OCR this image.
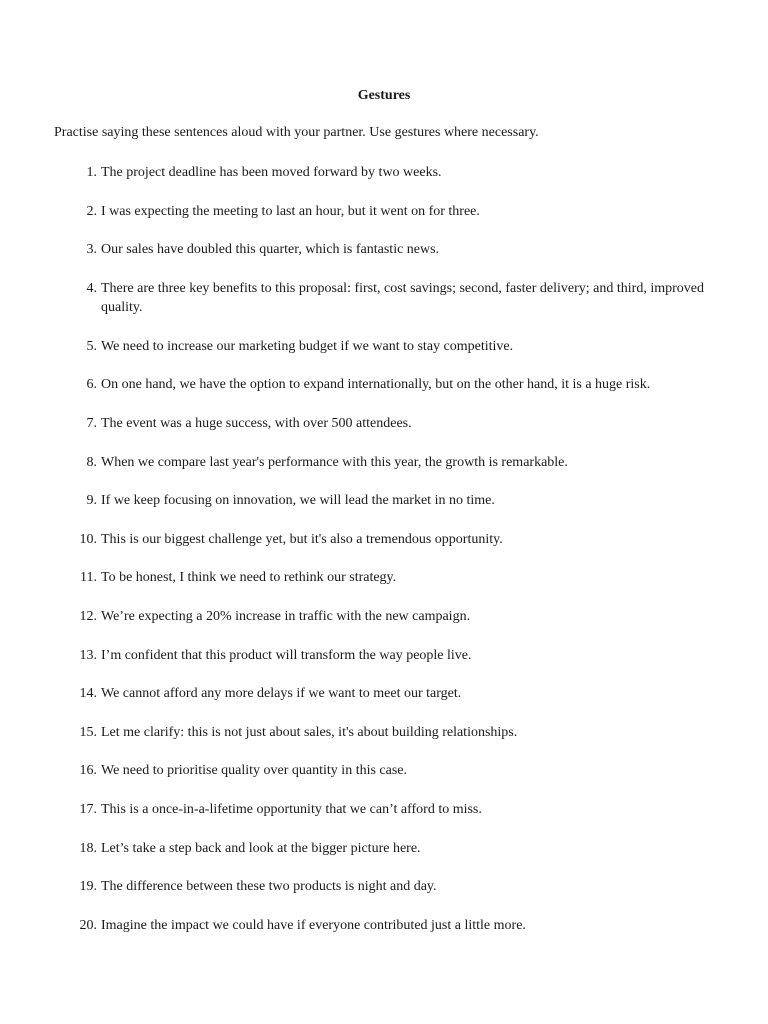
Gestures
Practise saying these sentences aloud with your partner. Use gestures where necessary.
1. The project deadline has been moved forward by two weeks.
2. I was expecting the meeting to last an hour, but it went on for three.
3. Our sales have doubled this quarter, which is fantastic news.
4. There are three key benefits to this proposal: first, cost savings; second, faster delivery; and third, improved quality.
5. We need to increase our marketing budget if we want to stay competitive.
6. On one hand, we have the option to expand internationally, but on the other hand, it is a huge risk.
7. The event was a huge success, with over 500 attendees.
8. When we compare last year's performance with this year, the growth is remarkable.
9. If we keep focusing on innovation, we will lead the market in no time.
10. This is our biggest challenge yet, but it's also a tremendous opportunity.
11. To be honest, I think we need to rethink our strategy.
12. We’re expecting a 20% increase in traffic with the new campaign.
13. I’m confident that this product will transform the way people live.
14. We cannot afford any more delays if we want to meet our target.
15. Let me clarify: this is not just about sales, it's about building relationships.
16. We need to prioritise quality over quantity in this case.
17. This is a once-in-a-lifetime opportunity that we can’t afford to miss.
18. Let’s take a step back and look at the bigger picture here.
19. The difference between these two products is night and day.
20. Imagine the impact we could have if everyone contributed just a little more.
